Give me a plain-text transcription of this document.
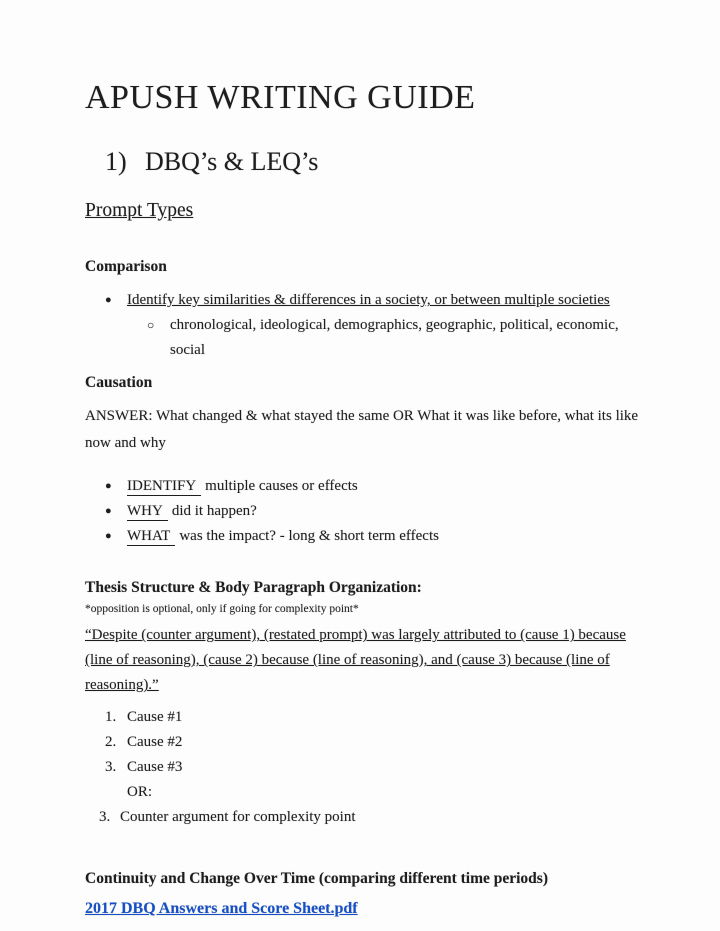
APUSH WRITING GUIDE
1) DBQ’s & LEQ’s
Prompt Types
Comparison
●	Identify key similarities & differences in a society, or between multiple societies
○	chronological, ideological, demographics, geographic, political, economic, social
Causation

ANSWER: What changed & what stayed the same OR What it was like before, what its like now and why

●	IDENTIFY multiple causes or effects
●	WHY did it happen?
●	WHAT was the impact? - long & short term effects
Thesis Structure & Body Paragraph Organization:

*opposition is optional, only if going for complexity point*

“Despite (counter argument), (restated prompt) was largely attributed to (cause 1) because (line of reasoning), (cause 2) because (line of reasoning), and (cause 3) because (line of reasoning).”

1. Cause #1
2. Cause #2
3. Cause #3
OR:
3. Counter argument for complexity point
Continuity and Change Over Time (comparing different time periods)
2017 DBQ Answers and Score Sheet.pdf
